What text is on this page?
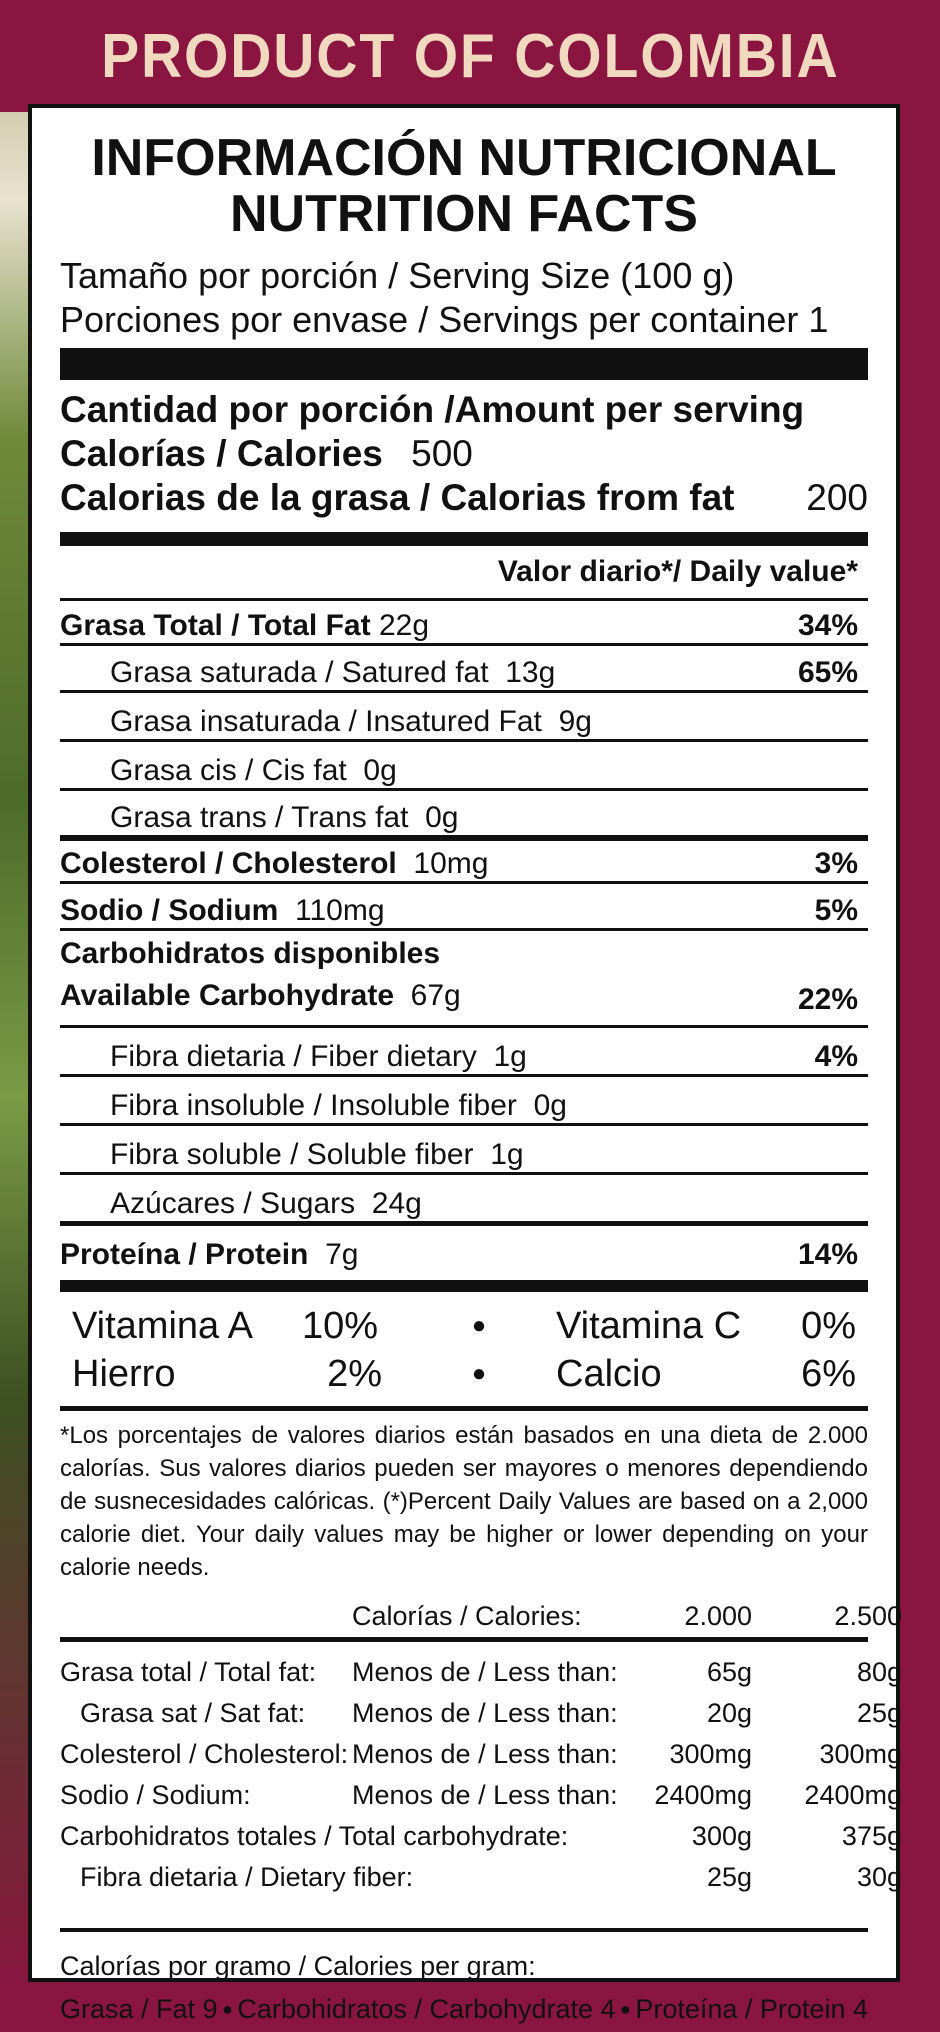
PRODUCT OF COLOMBIA
INFORMACIÓN NUTRICIONAL
NUTRITION FACTS
Tamaño por porción / Serving Size (100 g)
Porciones por envase / Servings per container 1
Cantidad por porción /Amount per serving
Calorías / Calories 500
Calorias de la grasa / Calorias from fat 200
Valor diario*/ Daily value*
Grasa Total / Total Fat 22g	34%
Grasa saturada / Satured fat 13g	65%
Grasa insaturada / Insatured Fat 9g
Grasa cis / Cis fat 0g
Grasa trans / Trans fat 0g
Colesterol / Cholesterol 10mg	3%
Sodio / Sodium 110mg	5%
Carbohidratos disponibles
Available Carbohydrate 67g	22%
Fibra dietaria / Fiber dietary 1g	4%
Fibra insoluble / Insoluble fiber 0g
Fibra soluble / Soluble fiber 1g
Azúcares / Sugars 24g
Proteína / Protein 7g	14%
Vitamina A	10%	●	Vitamina C	0%
Hierro	2%	●	Calcio	6%
*Los porcentajes de valores diarios están basados en una dieta de 2.000 calorías. Sus valores diarios pueden ser mayores o menores dependiendo de susnecesidades calóricas. (*)Percent Daily Values are based on a 2,000 calorie diet. Your daily values may be higher or lower depending on your calorie needs.
Calorías / Calories:	2.000	2.500
Grasa total / Total fat:	Menos de / Less than:	65g	80g
Grasa sat / Sat fat:	Menos de / Less than:	20g	25g
Colesterol / Cholesterol: Menos de / Less than:	300mg	300mg
Sodio / Sodium:	Menos de / Less than:	2400mg	2400mg
Carbohidratos totales / Total carbohydrate:	300g	375g
Fibra dietaria / Dietary fiber:	25g	30g
Calorías por gramo / Calories per gram:
Grasa / Fat 9 ● Carbohidratos / Carbohydrate 4 ● Proteína / Protein 4
